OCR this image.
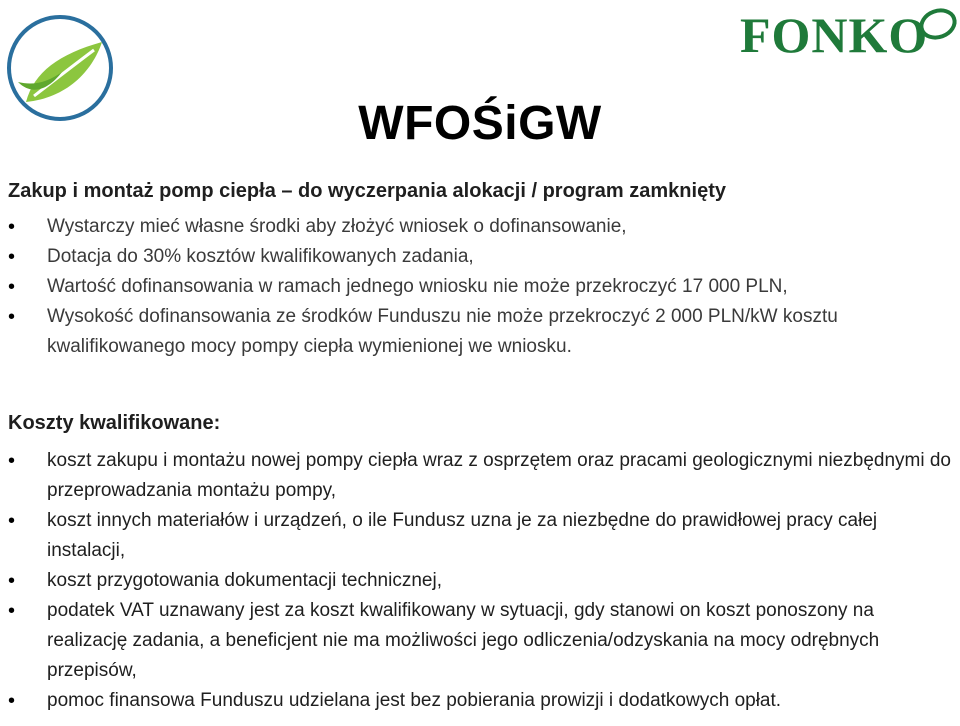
FONKO
WFOŚiGW
Zakup i montaż pomp ciepła – do wyczerpania alokacji / program zamknięty
• Wystarczy mieć własne środki aby złożyć wniosek o dofinansowanie,
• Dotacja do 30% kosztów kwalifikowanych zadania,
• Wartość dofinansowania w ramach jednego wniosku nie może przekroczyć 17 000 PLN,
• Wysokość dofinansowania ze środków Funduszu nie może przekroczyć 2 000 PLN/kW kosztu kwalifikowanego mocy pompy ciepła wymienionej we wniosku.
Koszty kwalifikowane:
• koszt zakupu i montażu nowej pompy ciepła wraz z osprzętem oraz pracami geologicznymi niezbędnymi do przeprowadzania montażu pompy,
• koszt innych materiałów i urządzeń, o ile Fundusz uzna je za niezbędne do prawidłowej pracy całej instalacji,
• koszt przygotowania dokumentacji technicznej,
• podatek VAT uznawany jest za koszt kwalifikowany w sytuacji, gdy stanowi on koszt ponoszony na realizację zadania, a beneficjent nie ma możliwości jego odliczenia/odzyskania na mocy odrębnych przepisów,
• pomoc finansowa Funduszu udzielana jest bez pobierania prowizji i dodatkowych opłat.
